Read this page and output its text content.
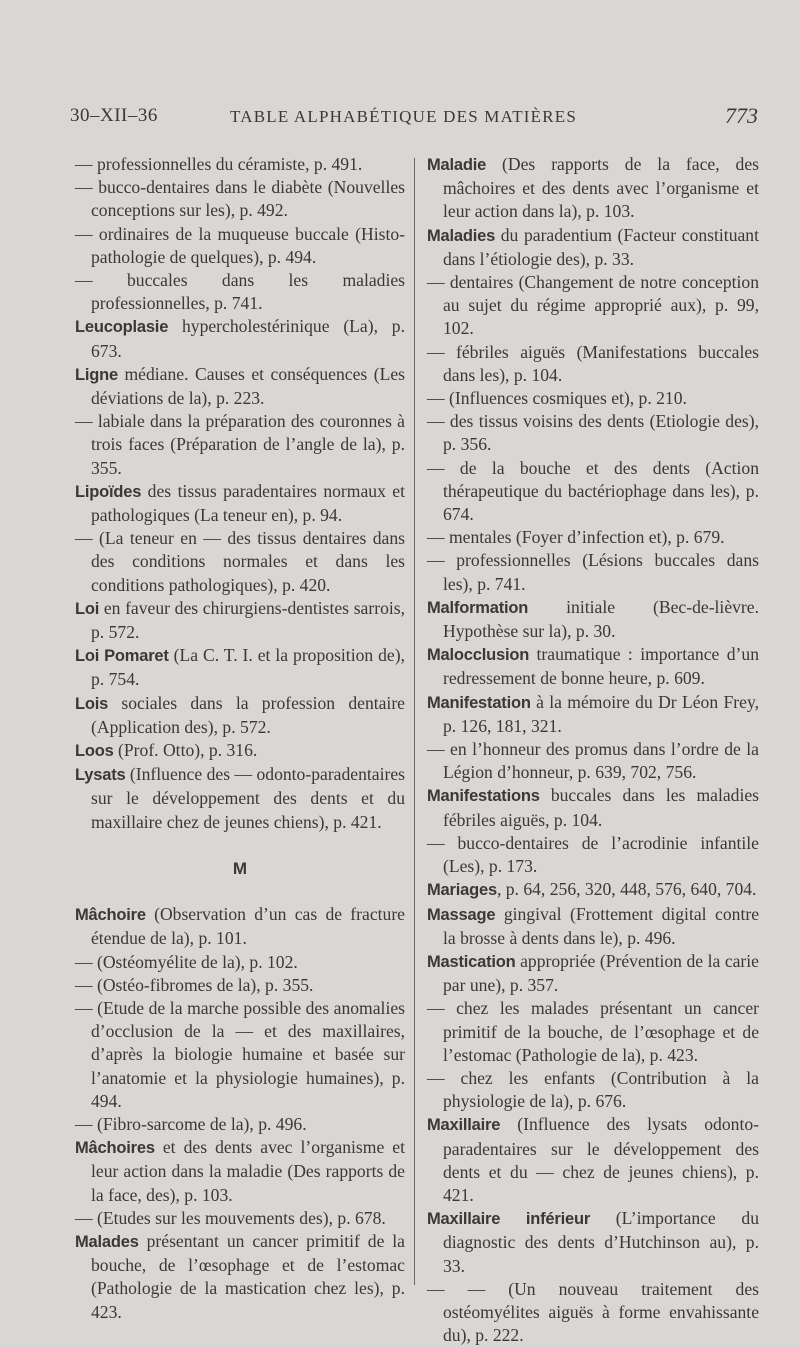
30–XII–36	TABLE ALPHABÉTIQUE DES MATIÈRES	773

— professionnelles du céramiste, p. 491.

— bucco-dentaires dans le diabète (Nouvelles conceptions sur les), p. 492.

— ordinaires de la muqueuse buccale (Histo-pathologie de quelques), p. 494.

— buccales dans les maladies professionnelles, p. 741.

Leucoplasie hypercholestérinique (La), p. 673.

Ligne médiane. Causes et conséquences (Les déviations de la), p. 223.

— labiale dans la préparation des couronnes à trois faces (Préparation de l’angle de la), p. 355.

Lipoïdes des tissus paradentaires normaux et pathologiques (La teneur en), p. 94.

— (La teneur en — des tissus dentaires dans des conditions normales et dans les conditions pathologiques), p. 420.

Loi en faveur des chirurgiens-dentistes sarrois, p. 572.

Loi Pomaret (La C. T. I. et la proposition de), p. 754.

Lois sociales dans la profession dentaire (Application des), p. 572.

Loos (Prof. Otto), p. 316.

Lysats (Influence des — odonto-paradentaires sur le développement des dents et du maxillaire chez de jeunes chiens), p. 421.

M

Mâchoire (Observation d’un cas de fracture étendue de la), p. 101.

— (Ostéomyélite de la), p. 102.

— (Ostéo-fibromes de la), p. 355.

— (Etude de la marche possible des anomalies d’occlusion de la — et des maxillaires, d’après la biologie humaine et basée sur l’anatomie et la physiologie humaines), p. 494.

— (Fibro-sarcome de la), p. 496.

Mâchoires et des dents avec l’organisme et leur action dans la maladie (Des rapports de la face, des), p. 103.

— (Etudes sur les mouvements des), p. 678.

Malades présentant un cancer primitif de la bouche, de l’œsophage et de l’estomac (Pathologie de la mastication chez les), p. 423.

Maladie (Des rapports de la face, des mâchoires et des dents avec l’organisme et leur action dans la), p. 103.

Maladies du paradentium (Facteur constituant dans l’étiologie des), p. 33.

— dentaires (Changement de notre conception au sujet du régime approprié aux), p. 99, 102.

— fébriles aiguës (Manifestations buccales dans les), p. 104.

— (Influences cosmiques et), p. 210.

— des tissus voisins des dents (Etiologie des), p. 356.

— de la bouche et des dents (Action thérapeutique du bactériophage dans les), p. 674.

— mentales (Foyer d’infection et), p. 679.

— professionnelles (Lésions buccales dans les), p. 741.

Malformation initiale (Bec-de-lièvre. Hypothèse sur la), p. 30.

Malocclusion traumatique : importance d’un redressement de bonne heure, p. 609.

Manifestation à la mémoire du Dr Léon Frey, p. 126, 181, 321.

— en l’honneur des promus dans l’ordre de la Légion d’honneur, p. 639, 702, 756.

Manifestations buccales dans les maladies fébriles aiguës, p. 104.

— bucco-dentaires de l’acrodinie infantile (Les), p. 173.

Mariages, p. 64, 256, 320, 448, 576, 640, 704.

Massage gingival (Frottement digital contre la brosse à dents dans le), p. 496.

Mastication appropriée (Prévention de la carie par une), p. 357.

— chez les malades présentant un cancer primitif de la bouche, de l’œsophage et de l’estomac (Pathologie de la), p. 423.

— chez les enfants (Contribution à la physiologie de la), p. 676.

Maxillaire (Influence des lysats odonto-paradentaires sur le développement des dents et du — chez de jeunes chiens), p. 421.

Maxillaire inférieur (L’importance du diagnostic des dents d’Hutchinson au), p. 33.

— — (Un nouveau traitement des ostéomyélites aiguës à forme envahissante du), p. 222.
